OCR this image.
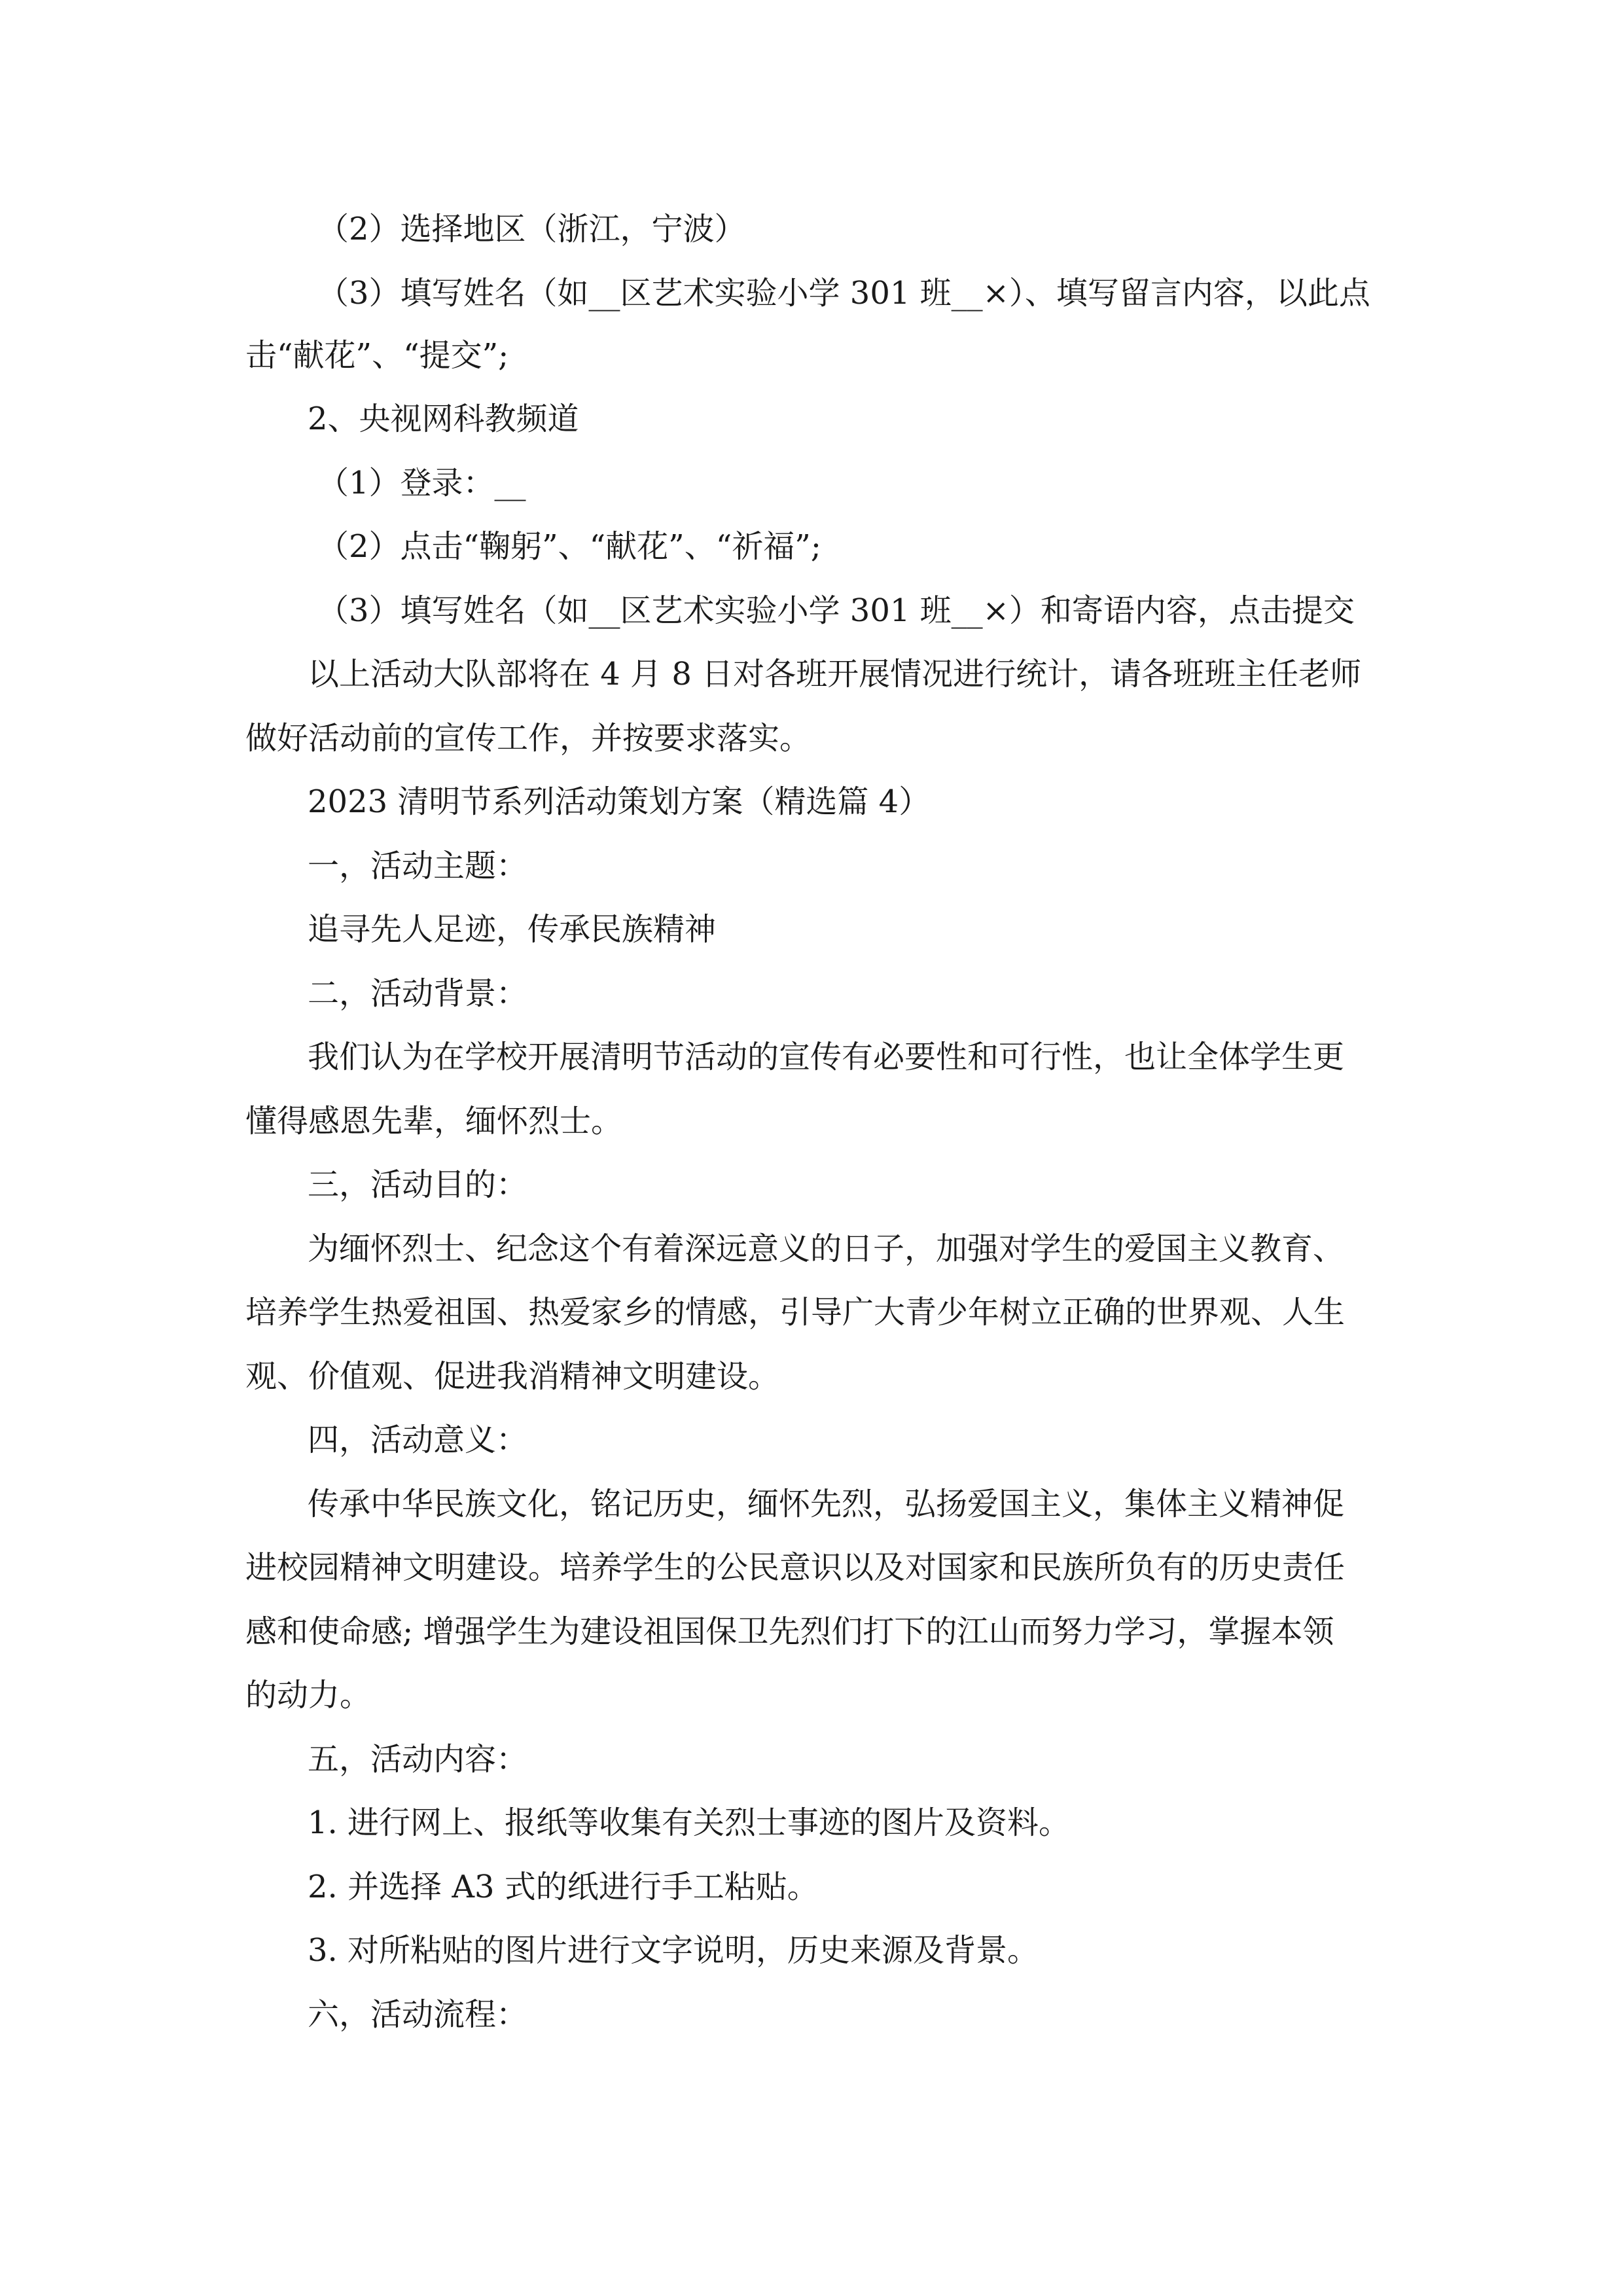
（2）选择地区（浙江，宁波）
（3）填写姓名（如__区艺术实验小学 301 班__×）、填写留言内容，以此点
击“献花”、“提交”;
2、央视网科教频道
（1）登录：__
（2）点击“鞠躬”、“献花”、“祈福”;
（3）填写姓名（如__区艺术实验小学 301 班__×）和寄语内容，点击提交
以上活动大队部将在 4 月 8 日对各班开展情况进行统计，请各班班主任老师
做好活动前的宣传工作，并按要求落实。
2023 清明节系列活动策划方案（精选篇 4）
一，活动主题：
追寻先人足迹，传承民族精神
二，活动背景：
我们认为在学校开展清明节活动的宣传有必要性和可行性，也让全体学生更
懂得感恩先辈，缅怀烈士。
三，活动目的：
为缅怀烈士、纪念这个有着深远意义的日子，加强对学生的爱国主义教育、
培养学生热爱祖国、热爱家乡的情感，引导广大青少年树立正确的世界观、人生
观、价值观、促进我消精神文明建设。
四，活动意义：
传承中华民族文化，铭记历史，缅怀先烈，弘扬爱国主义，集体主义精神促
进校园精神文明建设。培养学生的公民意识以及对国家和民族所负有的历史责任
感和使命感; 增强学生为建设祖国保卫先烈们打下的江山而努力学习，掌握本领
的动力。
五，活动内容：
1. 进行网上、报纸等收集有关烈士事迹的图片及资料。
2. 并选择 A3 式的纸进行手工粘贴。
3. 对所粘贴的图片进行文字说明，历史来源及背景。
六，活动流程：
